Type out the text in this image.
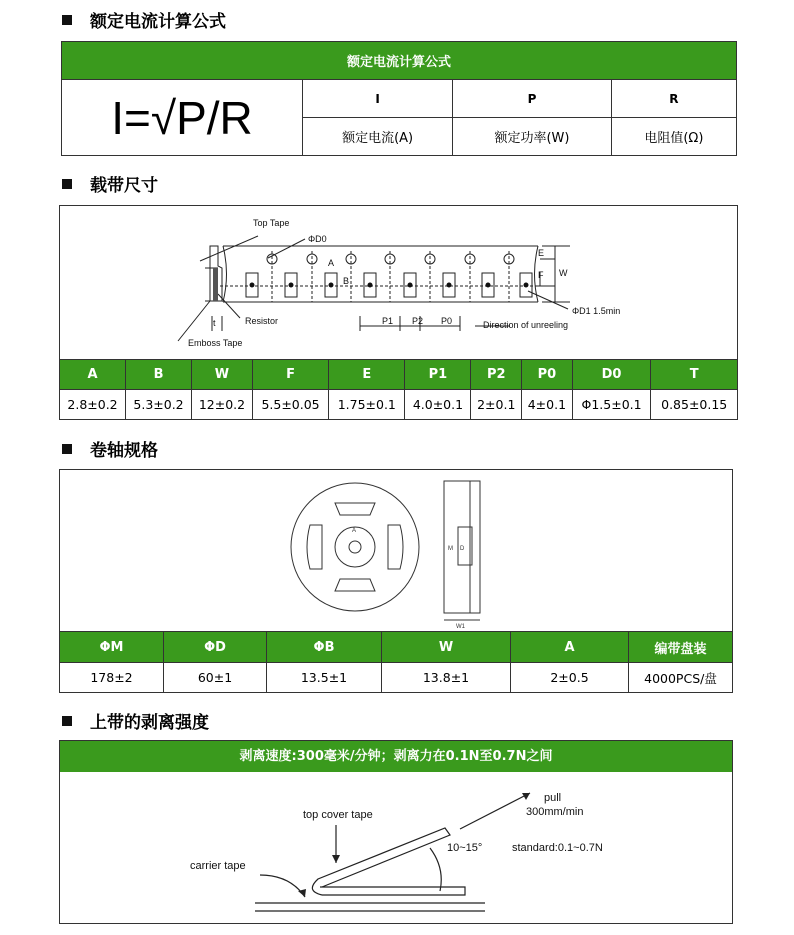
额定电流计算公式
额定电流计算公式			
I=√P/R	I	P	R
	额定电流(A)	额定功率(W)	电阻值(Ω)
载带尺寸
Top Tape
ΦD0
A
B
E
F W
Resistor
t
Emboss Tape
P1 P2 P0	Direction of unreeling
ΦD1 1.5min
A	B	W	F	E	P1	P2	P0	D0	T
2.8±0.2	5.3±0.2	12±0.2	5.5±0.05	1.75±0.1	4.0±0.1	2±0.1	4±0.1	Φ1.5±0.1	0.85±0.15
卷轴规格
A
M D
W1
ΦM	ΦD	ΦB	W	A	编带盘装
178±2	60±1	13.5±1	13.8±1	2±0.5	4000PCS/盘
上带的剥离强度
剥离速度:300毫米/分钟；剥离力在0.1N至0.7N之间
pull
300mm/min
top cover tape
10~15°	standard:0.1~0.7N
carrier tape
